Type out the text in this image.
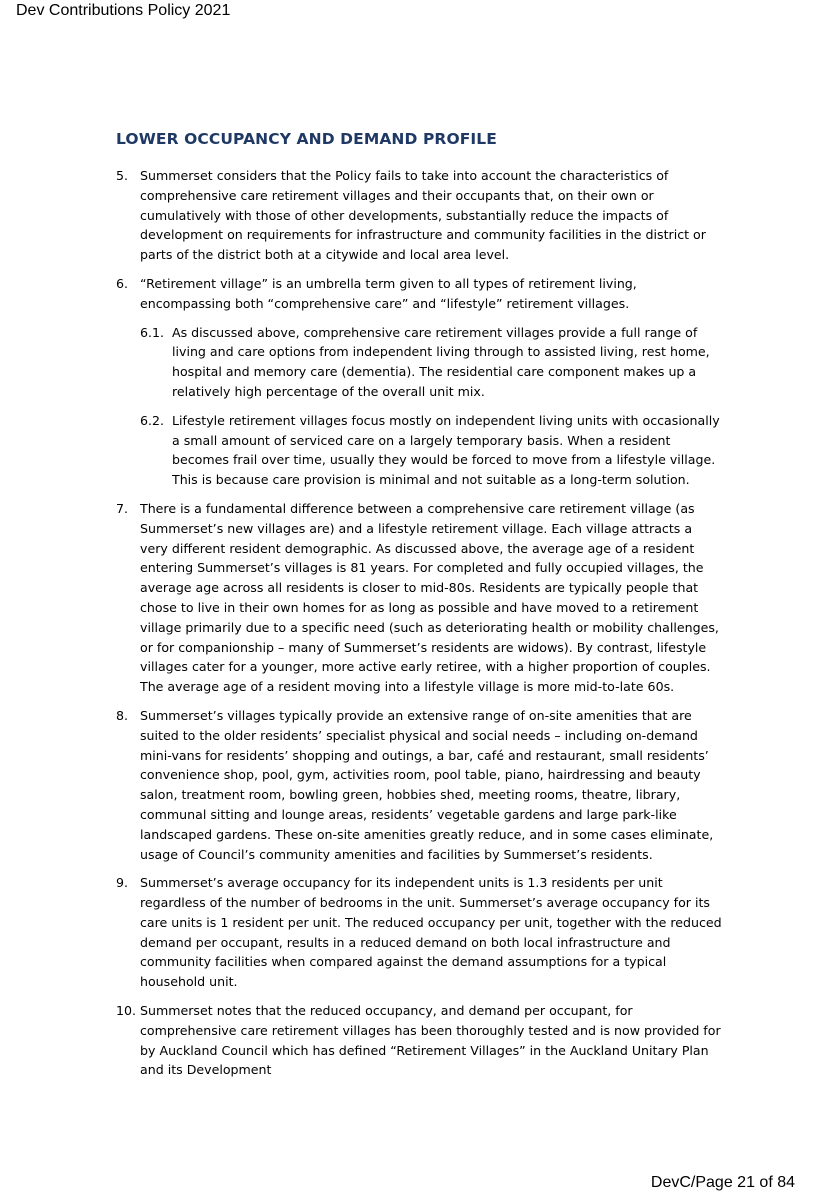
Dev Contributions Policy 2021
LOWER OCCUPANCY AND DEMAND PROFILE
5. Summerset considers that the Policy fails to take into account the characteristics of comprehensive care retirement villages and their occupants that, on their own or cumulatively with those of other developments, substantially reduce the impacts of development on requirements for infrastructure and community facilities in the district or parts of the district both at a citywide and local area level.
6. “Retirement village” is an umbrella term given to all types of retirement living, encompassing both “comprehensive care” and “lifestyle” retirement villages.
6.1. As discussed above, comprehensive care retirement villages provide a full range of living and care options from independent living through to assisted living, rest home, hospital and memory care (dementia). The residential care component makes up a relatively high percentage of the overall unit mix.
6.2. Lifestyle retirement villages focus mostly on independent living units with occasionally a small amount of serviced care on a largely temporary basis. When a resident becomes frail over time, usually they would be forced to move from a lifestyle village. This is because care provision is minimal and not suitable as a long-term solution.
7. There is a fundamental difference between a comprehensive care retirement village (as Summerset’s new villages are) and a lifestyle retirement village. Each village attracts a very different resident demographic. As discussed above, the average age of a resident entering Summerset’s villages is 81 years. For completed and fully occupied villages, the average age across all residents is closer to mid-80s. Residents are typically people that chose to live in their own homes for as long as possible and have moved to a retirement village primarily due to a specific need (such as deteriorating health or mobility challenges, or for companionship – many of Summerset’s residents are widows). By contrast, lifestyle villages cater for a younger, more active early retiree, with a higher proportion of couples. The average age of a resident moving into a lifestyle village is more mid-to-late 60s.
8. Summerset’s villages typically provide an extensive range of on-site amenities that are suited to the older residents’ specialist physical and social needs – including on-demand mini-vans for residents’ shopping and outings, a bar, café and restaurant, small residents’ convenience shop, pool, gym, activities room, pool table, piano, hairdressing and beauty salon, treatment room, bowling green, hobbies shed, meeting rooms, theatre, library, communal sitting and lounge areas, residents’ vegetable gardens and large park-like landscaped gardens. These on-site amenities greatly reduce, and in some cases eliminate, usage of Council’s community amenities and facilities by Summerset’s residents.
9. Summerset’s average occupancy for its independent units is 1.3 residents per unit regardless of the number of bedrooms in the unit. Summerset’s average occupancy for its care units is 1 resident per unit. The reduced occupancy per unit, together with the reduced demand per occupant, results in a reduced demand on both local infrastructure and community facilities when compared against the demand assumptions for a typical household unit.
10. Summerset notes that the reduced occupancy, and demand per occupant, for comprehensive care retirement villages has been thoroughly tested and is now provided for by Auckland Council which has defined “Retirement Villages” in the Auckland Unitary Plan and its Development
DevC/Page 21 of 84
